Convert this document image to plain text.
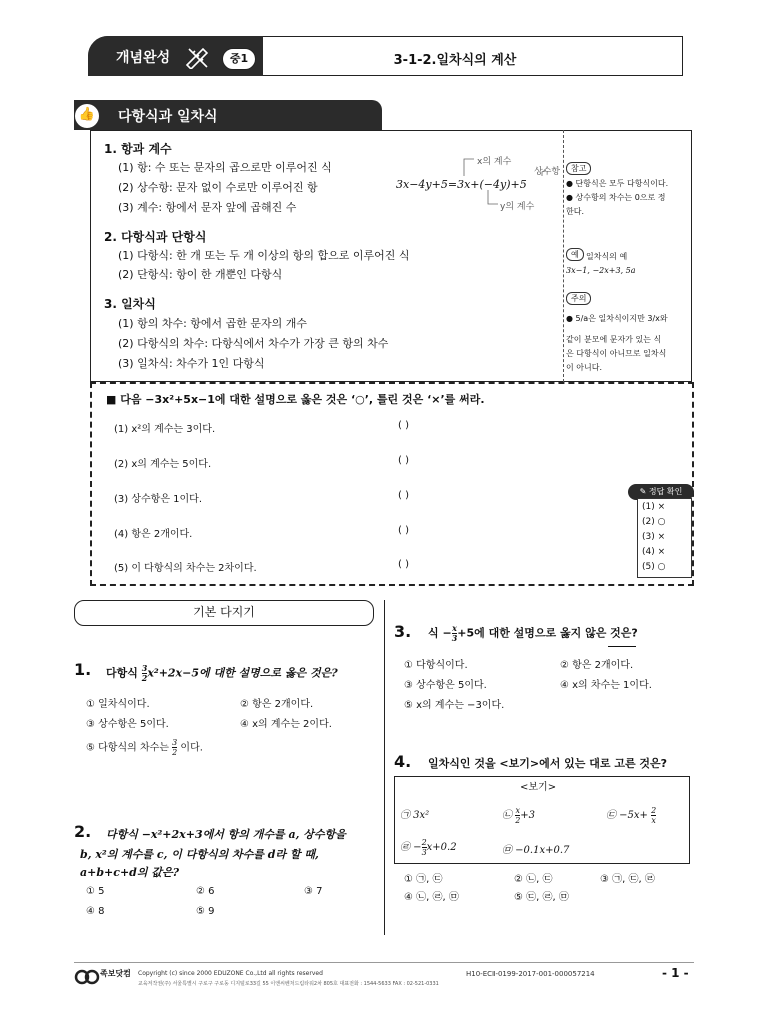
개념완성	중1	3-1-2.일차식의 계산
👍	다항식과 일차식
1. 항과 계수
(1) 항: 수 또는 문자의 곱으로만 이루어진 식
(2) 상수항: 문자 없이 수로만 이루어진 항
(3) 계수: 항에서 문자 앞에 곱해진 수
2. 다항식과 단항식
(1) 다항식: 한 개 또는 두 개 이상의 항의 합으로 이루어진 식
(2) 단항식: 항이 한 개뿐인 다항식
3. 일차식
(1) 항의 차수: 항에서 곱한 문자의 개수
(2) 다항식의 차수: 다항식에서 차수가 가장 큰 항의 차수
(3) 일차식: 차수가 1인 다항식
3x−4y+5=3x+(−4y)+5
x의 계수
상수항
y의 계수
참고
● 단항식은 모두 다항식이다.
● 상수항의 차수는 0으로 정
한다.
예 일차식의 예
3x−1, −2x+3, 5a
주의
● 5/a은 일차식이지만 3/x와
같이 분모에 문자가 있는 식
은 다항식이 아니므로 일차식
이 아니다.
■ 다음 −3x²+5x−1에 대한 설명으로 옳은 것은 ‘○’, 틀린 것은 ‘×’를 써라.
(1) x²의 계수는 3이다.	( )
(2) x의 계수는 5이다.	( )
(3) 상수항은 1이다.	( )
(4) 항은 2개이다.	( )
(5) 이 다항식의 차수는 2차이다.	( )
✎ 정답 확인
(1) ×
(2) ○
(3) ×
(4) ×
(5) ○
기본 다지기
1. 다항식 $\frac{3}{2} x^2+2x-5$에 대한 설명으로 옳은 것은?
① 일차식이다.	② 항은 2개이다.
③ 상수항은 5이다.	④ x의 계수는 2이다.
⑤ 다항식의 차수는 $\frac{3}{2}$ 이다.
2. 다항식 −x²+2x+3에서 항의 개수를 a, 상수항을
b, x²의 계수를 c, 이 다항식의 차수를 d라 할 때,
a+b+c+d의 값은?
① 5	② 6	③ 7
④ 8	⑤ 9
3. 식 − $\frac{x}{3} +5$에 대한 설명으로 옳지 않은 것은?
① 다항식이다.	② 항은 2개이다.
③ 상수항은 5이다.	④ x의 차수는 1이다.
⑤ x의 계수는 −3이다.
4. 일차식인 것을 <보기>에서 있는 대로 고른 것은?
<보기>
㉠ 3x²	㉡ $\frac{x}{2} +3$	㉢ $-5x+ \frac{2}{x}$
㉣ − $\frac{2}{3} x+0.2$	㉤ −0.1x+0.7
① ㉠, ㉢	② ㉡, ㉢	③ ㉠, ㉢, ㉣
④ ㉡, ㉣, ㉤	⑤ ㉢, ㉣, ㉤
족보닷컴 Copyright (c) since 2000 EDUZONE Co.,Ltd all rights reserved
교육저작권(주) 서울특별시 구로구 구로동 디지털로33길 55 이앤씨벤처드림타워2차 805호 대표전화 : 1544-5633 FAX : 02-521-0331
H10-ECⅡ-0199-2017-001-000057214	- 1 -
